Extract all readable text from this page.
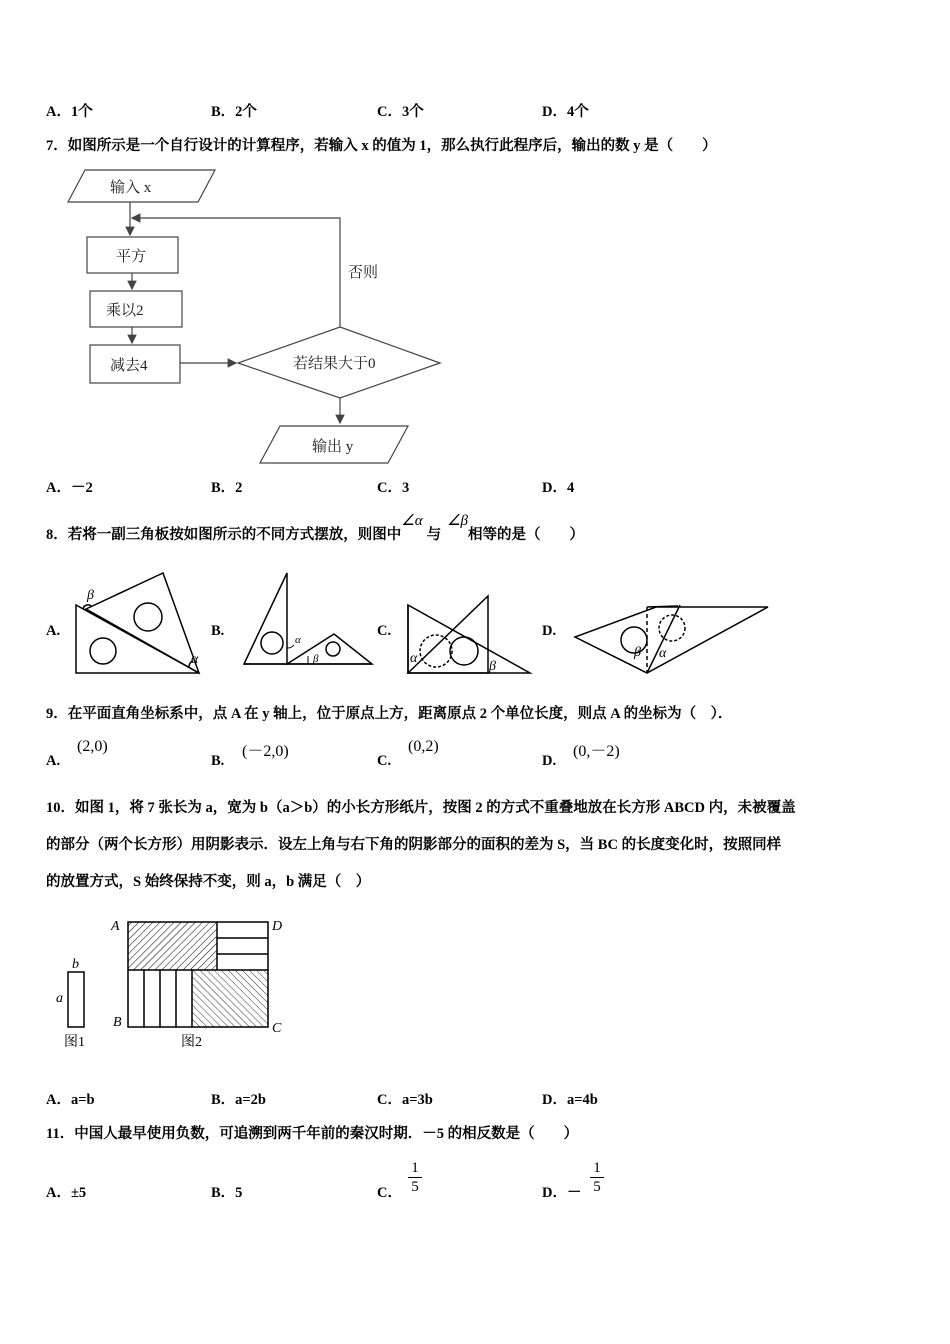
A．1个	B．2个	C．3个	D．4个
7．如图所示是一个自行设计的计算程序，若输入 x 的值为 1，那么执行此程序后，输出的数 y 是（　　）
输入 x
平方
乘以2
减去4	若结果大于0
否则
输出 y
β
α
α
β	α
β
β α
b
a
图1
A	D
B	C
图2
A．－2	B．2	C．3	D．4
8．若将一副三角板按如图所示的不同方式摆放，则图中∠α与∠β相等的是（　　）
A.	B.	C.	D.
9．在平面直角坐标系中，点 A 在 y 轴上，位于原点上方，距离原点 2 个单位长度，则点 A 的坐标为（　）．
A.
(2,0)
B.
(－2,0)
C.
(0,2)
D.
(0,－2)
10．如图 1，将 7 张长为 a，宽为 b（a＞b）的小长方形纸片，按图 2 的方式不重叠地放在长方形 ABCD 内，未被覆盖
的部分（两个长方形）用阴影表示．设左上角与右下角的阴影部分的面积的差为 S，当 BC 的长度变化时，按照同样
的放置方式，S 始终保持不变，则 a，b 满足（　）
A．a=b	B．a=2b	C．a=3b	D．a=4b
11．中国人最早使用负数，可追溯到两千年前的秦汉时期．－5 的相反数是（　　）
A．±5	B．5	C．
1
5	D．－
1
5
